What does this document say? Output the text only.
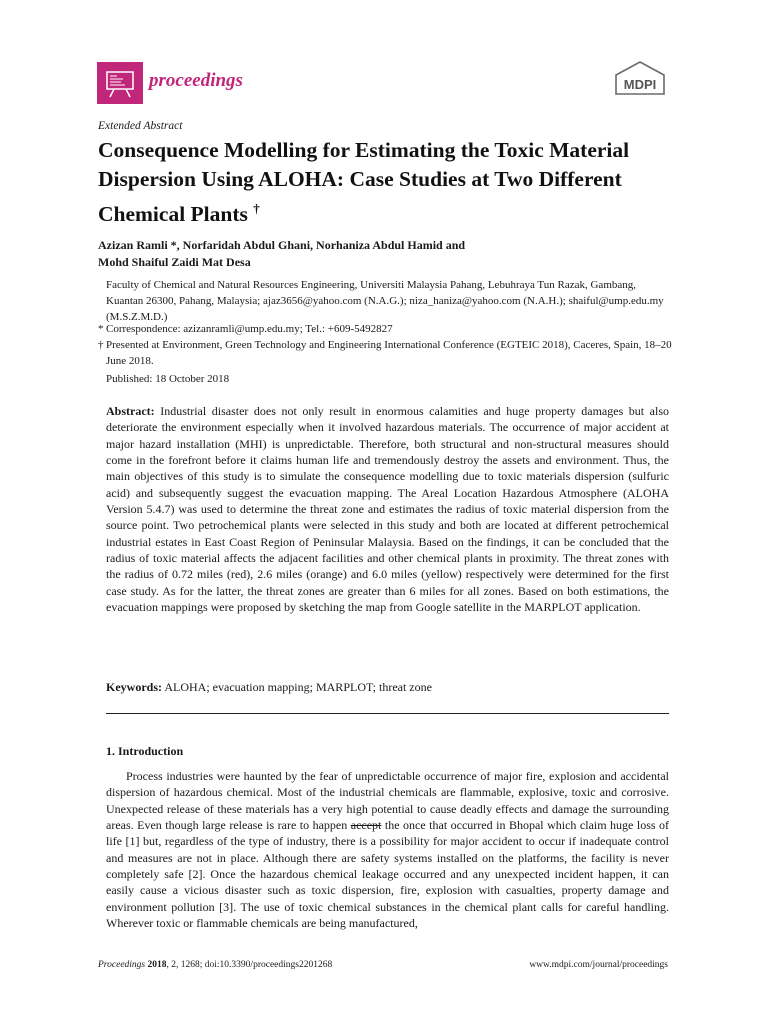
proceedings	MDPI
Extended Abstract
Consequence Modelling for Estimating the Toxic Material Dispersion Using ALOHA: Case Studies at Two Different Chemical Plants †
Azizan Ramli *, Norfaridah Abdul Ghani, Norhaniza Abdul Hamid and
Mohd Shaiful Zaidi Mat Desa
Faculty of Chemical and Natural Resources Engineering, Universiti Malaysia Pahang, Lebuhraya Tun Razak, Gambang, Kuantan 26300, Pahang, Malaysia; ajaz3656@yahoo.com (N.A.G.); niza_haniza@yahoo.com (N.A.H.); shaiful@ump.edu.my (M.S.Z.M.D.)
* Correspondence: azizanramli@ump.edu.my; Tel.: +609-5492827
† Presented at Environment, Green Technology and Engineering International Conference (EGTEIC 2018), Caceres, Spain, 18–20 June 2018.
Published: 18 October 2018
Abstract: Industrial disaster does not only result in enormous calamities and huge property damages but also deteriorate the environment especially when it involved hazardous materials. The occurrence of major accident at major hazard installation (MHI) is unpredictable. Therefore, both structural and non-structural measures should come in the forefront before it claims human life and tremendously destroy the assets and environment. Thus, the main objectives of this study is to simulate the consequence modelling due to toxic materials dispersion (sulfuric acid) and subsequently suggest the evacuation mapping. The Areal Location Hazardous Atmosphere (ALOHA Version 5.4.7) was used to determine the threat zone and estimates the radius of toxic material dispersion from the source point. Two petrochemical plants were selected in this study and both are located at different petrochemical industrial estates in East Coast Region of Peninsular Malaysia. Based on the findings, it can be concluded that the radius of toxic material affects the adjacent facilities and other chemical plants in proximity. The threat zones with the radius of 0.72 miles (red), 2.6 miles (orange) and 6.0 miles (yellow) respectively were determined for the first case study. As for the latter, the threat zones are greater than 6 miles for all zones. Based on both estimations, the evacuation mappings were proposed by sketching the map from Google satellite in the MARPLOT application.
Keywords: ALOHA; evacuation mapping; MARPLOT; threat zone
1. Introduction
Process industries were haunted by the fear of unpredictable occurrence of major fire, explosion and accidental dispersion of hazardous chemical. Most of the industrial chemicals are flammable, explosive, toxic and corrosive. Unexpected release of these materials has a very high potential to cause deadly effects and damage the surrounding areas. Even though large release is rare to happen accept the once that occurred in Bhopal which claim huge loss of life [1] but, regardless of the type of industry, there is a possibility for major accident to occur if inadequate control and measures are not in place. Although there are safety systems installed on the platforms, the facility is never completely safe [2]. Once the hazardous chemical leakage occurred and any unexpected incident happen, it can easily cause a vicious disaster such as toxic dispersion, fire, explosion with casualties, property damage and environment pollution [3]. The use of toxic chemical substances in the chemical plant calls for careful handling. Wherever toxic or flammable chemicals are being manufactured,
Proceedings 2018, 2, 1268; doi:10.3390/proceedings2201268	www.mdpi.com/journal/proceedings
